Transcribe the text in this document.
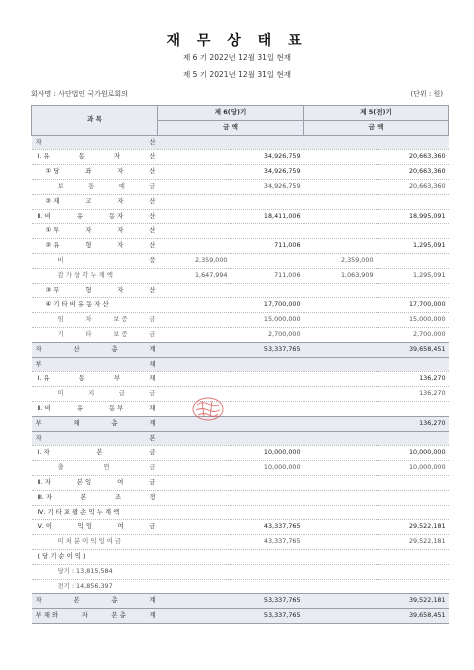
재 무 상 태 표
제 6 기 2022년 12월 31일 현재
제 5 기 2021년 12월 31일 현재
회사명 : 사단법인 국가원로회의	(단위 : 원)
과 목	제 6(당)기		제 5(전)기	
	금 액		금 액	

자 산				

Ⅰ. 유 동 자 산		34,926,759		20,663,360

① 당 좌 자 산		34,926,759		20,663,360

보 통 예 금		34,926,759		20,663,360

② 재 고 자 산				

Ⅱ. 비 유 동 자 산		18,411,006		18,995,091

① 투 자 자 산				

② 유 형 자 산		711,006		1,295,091

비 품	2,359,000		2,359,000	

감 가 상 각 누 계 액	1,647,994	711,006	1,063,909	1,295,091

③ 무 형 자 산				

④ 기 타 비 유 동 자 산		17,700,000		17,700,000

임 차 보 증 금		15,000,000		15,000,000

기 타 보 증 금		2,700,000		2,700,000

자 산 총 계		53,337,765		39,658,451

부 채				

Ⅰ. 유 동 부 채				136,270

미 지 급 금				136,270

Ⅱ. 비 유 동 부 채				

부 채 총 계				136,270

자 본				

Ⅰ. 자 본 금		10,000,000		10,000,000

출 연 금		10,000,000		10,000,000

Ⅱ. 자 본 잉 여 금				

Ⅲ. 자 본 조 정				

Ⅳ. 기 타 포 괄 손 익 누 계 액				

Ⅴ. 이 익 잉 여 금		43,337,765		29,522,181

미 처 분 이 익 잉 여 금		43,337,765		29,522,181

( 당 기 순 이 익 )				

당기 : 13,815,584				

전기 : 14,856,397				

자 본 총 계		53,337,765		39,522,181

부 채 와 자 본 총 계		53,337,765		39,658,451
